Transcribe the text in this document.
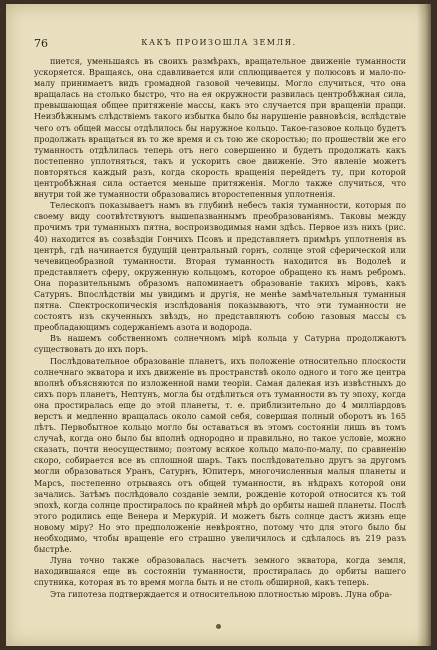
76	КАКЪ ПРОИЗОШЛА ЗЕМЛЯ.

пиется, уменьшаясь въ своихъ размѣрахъ, вращательное движеніе туманности ускоряется. Вращаясь, она сдавливается или сплющивается у полюсовъ и мало-по-малу принимаетъ видъ громадной газовой чечевицы. Могло случиться, что она вращалась на столько быстро, что на ея окружности развилась центробѣжная сила, превышающая общее притяженіе массы, какъ это случается при вращеніи пращи. Неизбѣжнымъ слѣдствіемъ такого избытка было бы нарушеніе равновѣсія, вслѣдствіе чего отъ общей массы отдѣлилось бы наружное кольцо. Такое-газовое кольцо будетъ продолжать вращаться въ то же время и съ тою же скоростью; по прошествіи же его туманность отдѣлилась теперь отъ него совершенно и будетъ продолжать какъ постепенно уплотняться, такъ и ускорить свое движеніе. Это явленіе можетъ повторяться каждый разъ, когда скорость вращенія перейдетъ ту, при которой центробѣжная сила остается меньше притяженія. Могло также случиться, что внутри той же туманности образовались второстепенныя уплотненія.

Телескопъ показываетъ намъ въ глубинѣ небесъ такія туманности, которыя по своему виду соотвѣтствуютъ вышепазваннымъ преобразованіямъ. Таковы между прочимъ три туманныхъ пятна, воспроизводимыя нами здѣсь. Первое изъ нихъ (рис. 40) находится въ созвѣздіи Гончихъ Псовъ и представляетъ примѣръ уплотненія въ центрѣ, гдѣ начинается будущій центральный горнъ, солнце этой сферической или чечевицеобразной туманности. Вторая туманность находится въ Водолеѣ и представляетъ сферу, окруженную кольцомъ, которое обращено къ намъ ребромъ. Она поразительнымъ образомъ напоминаетъ образованіе такихъ міровъ, какъ Сатурнъ. Впослѣдствіи мы увидимъ и другія, не менѣе замѣчательныя туманныя пятна. Спектроскопическія изслѣдованія показываютъ, что эти туманности не состоятъ изъ скученныхъ звѣздъ, но представляютъ собою газовыя массы съ преобладающимъ содержаніемъ азота и водорода.

Въ нашемъ собственномъ солнечномъ мірѣ кольца у Сатурна продолжаютъ существовать до ихъ поръ.

Послѣдовательное образованіе планетъ, ихъ положеніе относительно плоскости солнечнаго экватора и ихъ движеніе въ пространствѣ около одного и того же центра вполнѣ объясняются по изложенной нами теоріи. Самая далекая изъ извѣстныхъ до сихъ поръ планетъ, Нептунъ, могла бы отдѣлиться отъ туманности въ ту эпоху, когда она простиралась еще до этой планеты, т. е. приблизительно до 4 милліардовъ верстъ и медленно вращалась около самой себя, совершая полный оборотъ въ 165 лѣтъ. Первобытное кольцо могло бы оставаться въ этомъ состояніи лишь въ томъ случаѣ, когда оно было бы вполнѣ однородно и правильно, но такое условіе, можно сказать, почти неосуществимо; поэтому всякое кольцо мало-по-малу, по сравненію скоро, собирается все въ сплошной шаръ. Такъ послѣдовательно другъ за другомъ могли образоваться Уранъ, Сатурнъ, Юпитеръ, многочисленныя малыя планеты и Марсъ, постепенно отрываясь отъ общей туманности, въ нѣдрахъ которой они зачались. Затѣмъ послѣдовало созданіе земли, рожденіе которой относится къ той эпохѣ, когда солнце простиралось по крайней мѣрѣ до орбиты нашей планеты. Послѣ этого родились еще Венера и Меркурій. И можетъ быть солнце дастъ жизнь еще новому міру? Но это предположеніе невѣроятно, потому что для этого было бы необходимо, чтобы вращеніе его страшно увеличилось и сдѣлалось въ 219 разъ быстрѣе.

Луна точно также образовалась насчетъ земного экватора, когда земля, находившаяся еще въ состояніи туманности, простиралась до орбиты нашего спутника, которая въ то время могла быть и не столь обширной, какъ теперь.

Эта гипотеза подтверждается и относительною плотностью міровъ. Луна обра-
